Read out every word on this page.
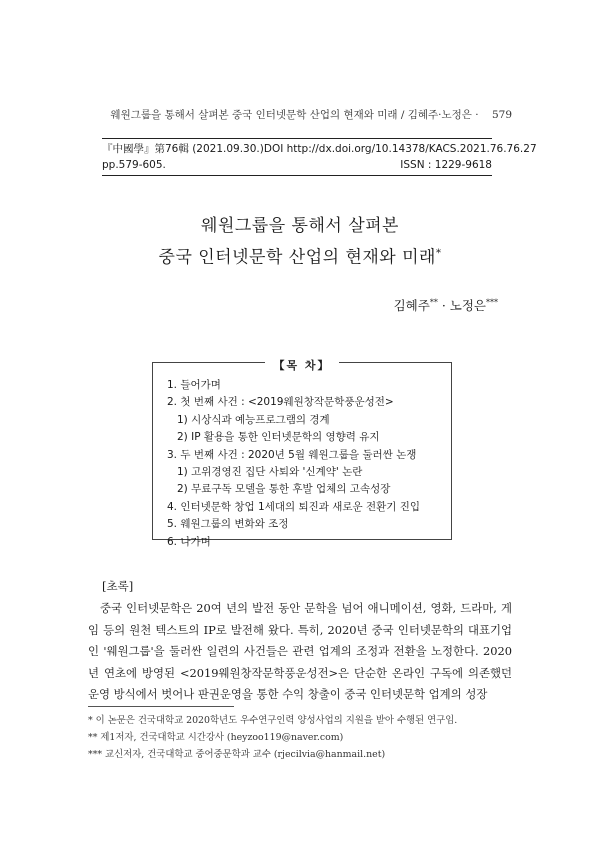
웨원그룹을 통해서 살펴본 중국 인터넷문학 산업의 현재와 미래 / 김혜주·노정은 · 579
『中國學』第76輯 (2021.09.30.) DOI http://dx.doi.org/10.14378/KACS.2021.76.76.27
pp.579-605.	ISSN : 1229-9618
웨원그룹을 통해서 살펴본
중국 인터넷문학 산업의 현재와 미래*
김혜주** · 노정은***
【목 차】
1. 들어가며
2. 첫 번째 사건 : <2019웨원창작문학풍운성전>
1) 시상식과 예능프로그램의 경계
2) IP 활용을 통한 인터넷문학의 영향력 유지
3. 두 번째 사건 : 2020년 5월 웨원그룹을 둘러싼 논쟁
1) 고위경영진 집단 사퇴와 '신계약' 논란
2) 무료구독 모델을 통한 후발 업체의 고속성장
4. 인터넷문학 창업 1세대의 퇴진과 새로운 전환기 진입
5. 웨원그룹의 변화와 조정
6. 나가며
[초록]
중국 인터넷문학은 20여 년의 발전 동안 문학을 넘어 애니메이션, 영화, 드라마, 게임 등의 원천 텍스트의 IP로 발전해 왔다. 특히, 2020년 중국 인터넷문학의 대표기업인 '웨원그룹'을 둘러싼 일련의 사건들은 관련 업계의 조정과 전환을 노정한다. 2020년 연초에 방영된 <2019웨원창작문학풍운성전>은 단순한 온라인 구독에 의존했던 운영 방식에서 벗어나 판권운영을 통한 수익 창출이 중국 인터넷문학 업계의 성장
* 이 논문은 건국대학교 2020학년도 우수연구인력 양성사업의 지원을 받아 수행된 연구임.
** 제1저자, 건국대학교 시간강사 (heyzoo119@naver.com)
*** 교신저자, 건국대학교 중어중문학과 교수 (rjecilvia@hanmail.net)
